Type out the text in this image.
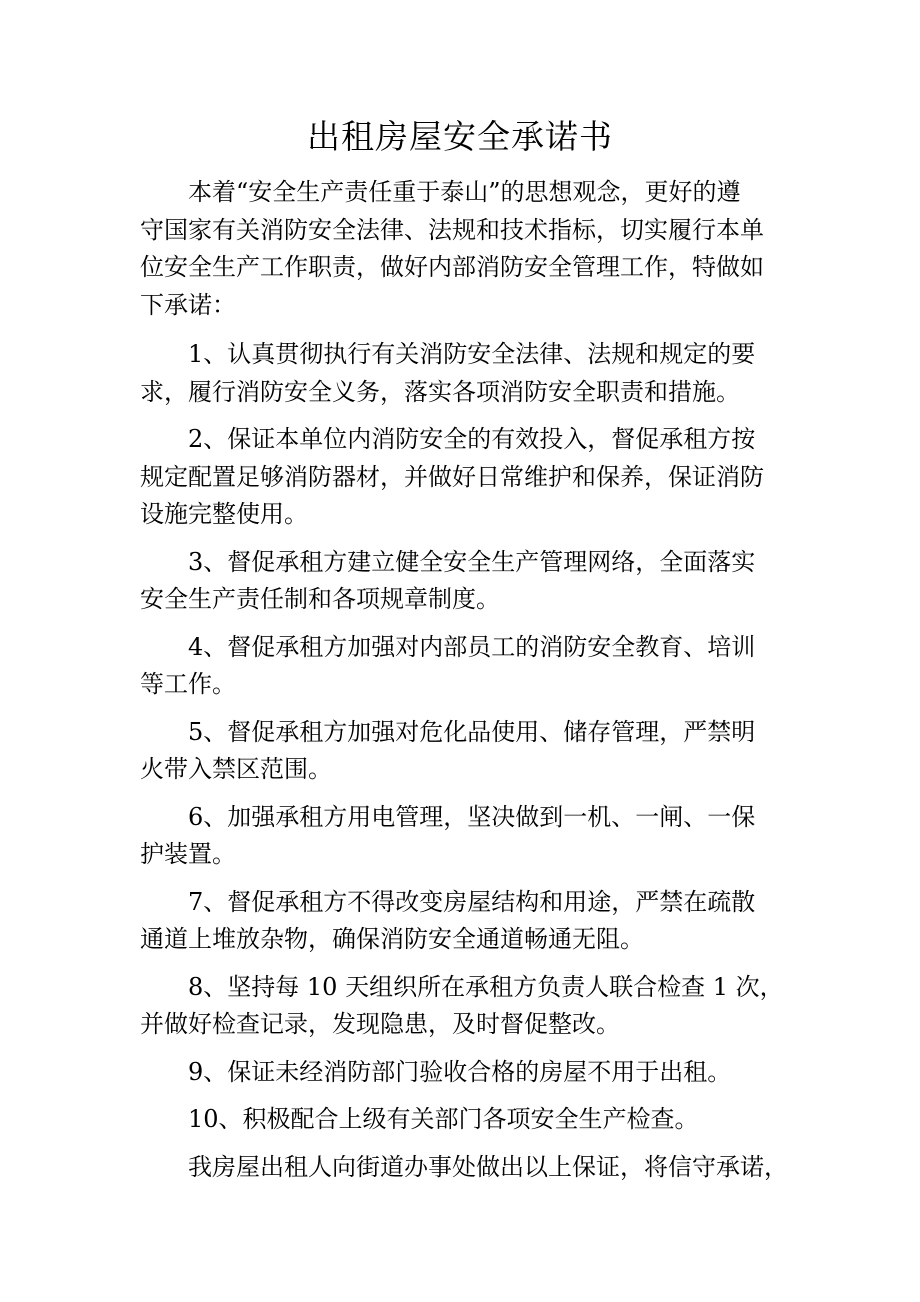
出租房屋安全承诺书
本着“安全生产责任重于泰山”的思想观念，更好的遵
守国家有关消防安全法律、法规和技术指标，切实履行本单
位安全生产工作职责，做好内部消防安全管理工作，特做如
下承诺：
1、认真贯彻执行有关消防安全法律、法规和规定的要
求，履行消防安全义务，落实各项消防安全职责和措施。
2、保证本单位内消防安全的有效投入，督促承租方按
规定配置足够消防器材，并做好日常维护和保养，保证消防
设施完整使用。
3、督促承租方建立健全安全生产管理网络，全面落实
安全生产责任制和各项规章制度。
4、督促承租方加强对内部员工的消防安全教育、培训
等工作。
5、督促承租方加强对危化品使用、储存管理，严禁明
火带入禁区范围。
6、加强承租方用电管理，坚决做到一机、一闸、一保
护装置。
7、督促承租方不得改变房屋结构和用途，严禁在疏散
通道上堆放杂物，确保消防安全通道畅通无阻。
8、坚持每 10 天组织所在承租方负责人联合检查 1 次，
并做好检查记录，发现隐患，及时督促整改。
9、保证未经消防部门验收合格的房屋不用于出租。
10、积极配合上级有关部门各项安全生产检查。
我房屋出租人向街道办事处做出以上保证，将信守承诺，
